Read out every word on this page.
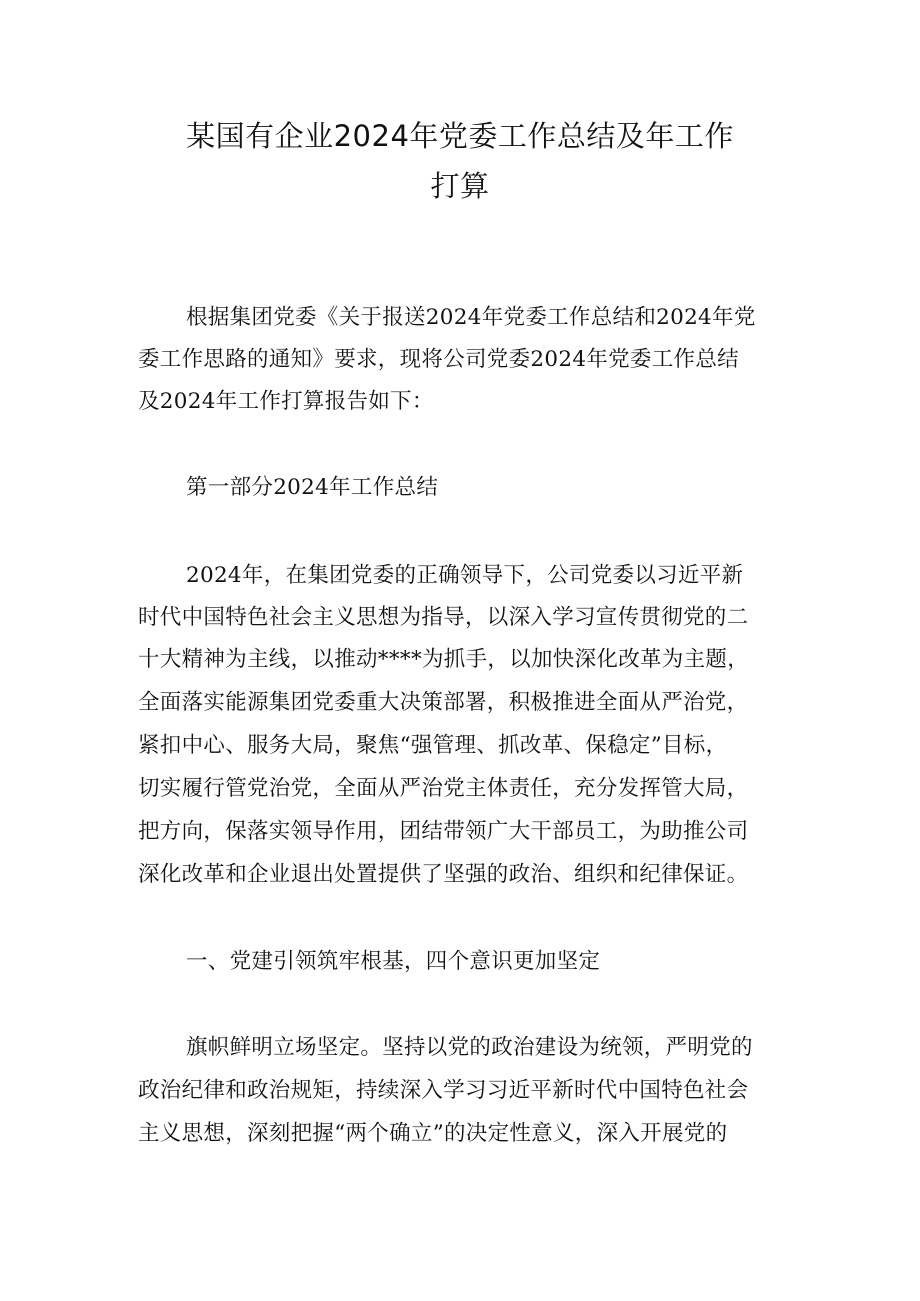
某国有企业2024年党委工作总结及年工作
打算
根据集团党委《关于报送2024年党委工作总结和2024年党
委工作思路的通知》要求，现将公司党委2024年党委工作总结
及2024年工作打算报告如下：
第一部分2024年工作总结
2024年，在集团党委的正确领导下，公司党委以习近平新
时代中国特色社会主义思想为指导，以深入学习宣传贯彻党的二
十大精神为主线，以推动****为抓手，以加快深化改革为主题，
全面落实能源集团党委重大决策部署，积极推进全面从严治党，
紧扣中心、服务大局，聚焦“强管理、抓改革、保稳定”目标，
切实履行管党治党，全面从严治党主体责任，充分发挥管大局，
把方向，保落实领导作用，团结带领广大干部员工，为助推公司
深化改革和企业退出处置提供了坚强的政治、组织和纪律保证。
一、党建引领筑牢根基，四个意识更加坚定
旗帜鲜明立场坚定。坚持以党的政治建设为统领，严明党的
政治纪律和政治规矩，持续深入学习习近平新时代中国特色社会
主义思想，深刻把握“两个确立”的决定性意义，深入开展党的
